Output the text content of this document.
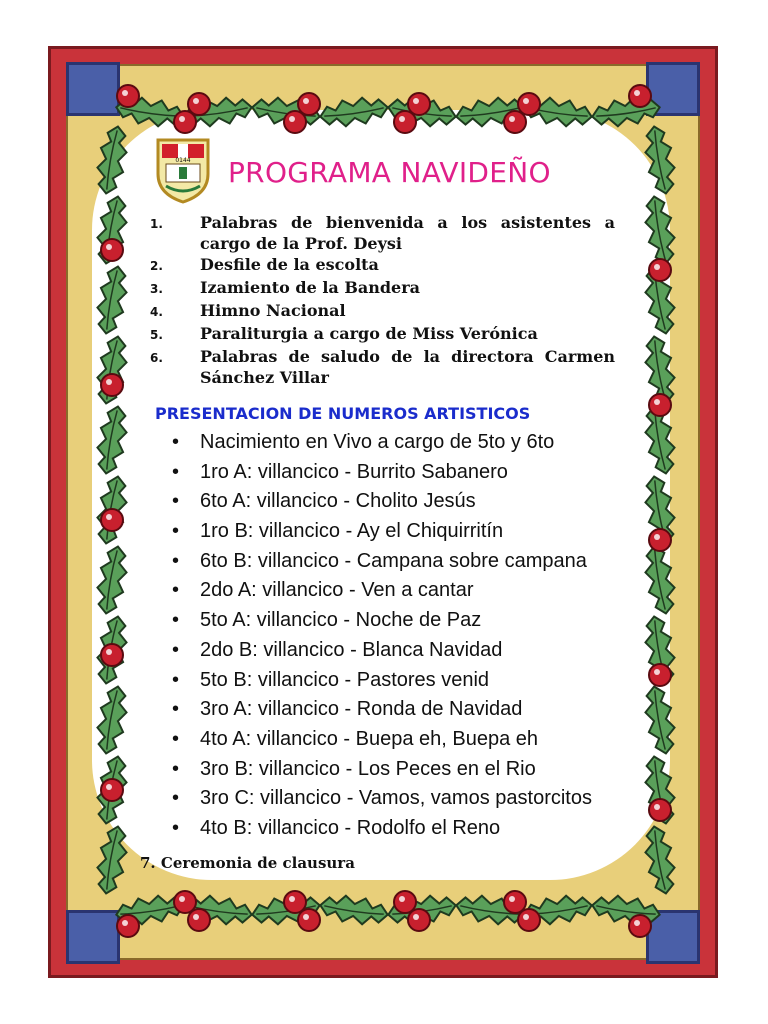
0144 PROGRAMA NAVIDEÑO
1.	Palabras de bienvenida a los asistentes a cargo de la Prof. Deysi
2.	Desfile de la escolta
3.	Izamiento de la Bandera
4.	Himno Nacional
5.	Paraliturgia a cargo de Miss Verónica
6.	Palabras de saludo de la directora Carmen Sánchez Villar
PRESENTACION DE NUMEROS ARTISTICOS
•	Nacimiento en Vivo a cargo de 5to y 6to
•	1ro A: villancico - Burrito Sabanero
•	6to A: villancico - Cholito Jesús
•	1ro B: villancico - Ay el Chiquirritín
•	6to B: villancico - Campana sobre campana
•	2do A: villancico - Ven a cantar
•	5to A: villancico - Noche de Paz
•	2do B: villancico - Blanca Navidad
•	5to B: villancico - Pastores venid
•	3ro A: villancico - Ronda de Navidad
•	4to A: villancico - Buepa eh, Buepa eh
•	3ro B: villancico - Los Peces en el Rio
•	3ro C: villancico - Vamos, vamos pastorcitos
•	4to B: villancico - Rodolfo el Reno
7. Ceremonia de clausura
